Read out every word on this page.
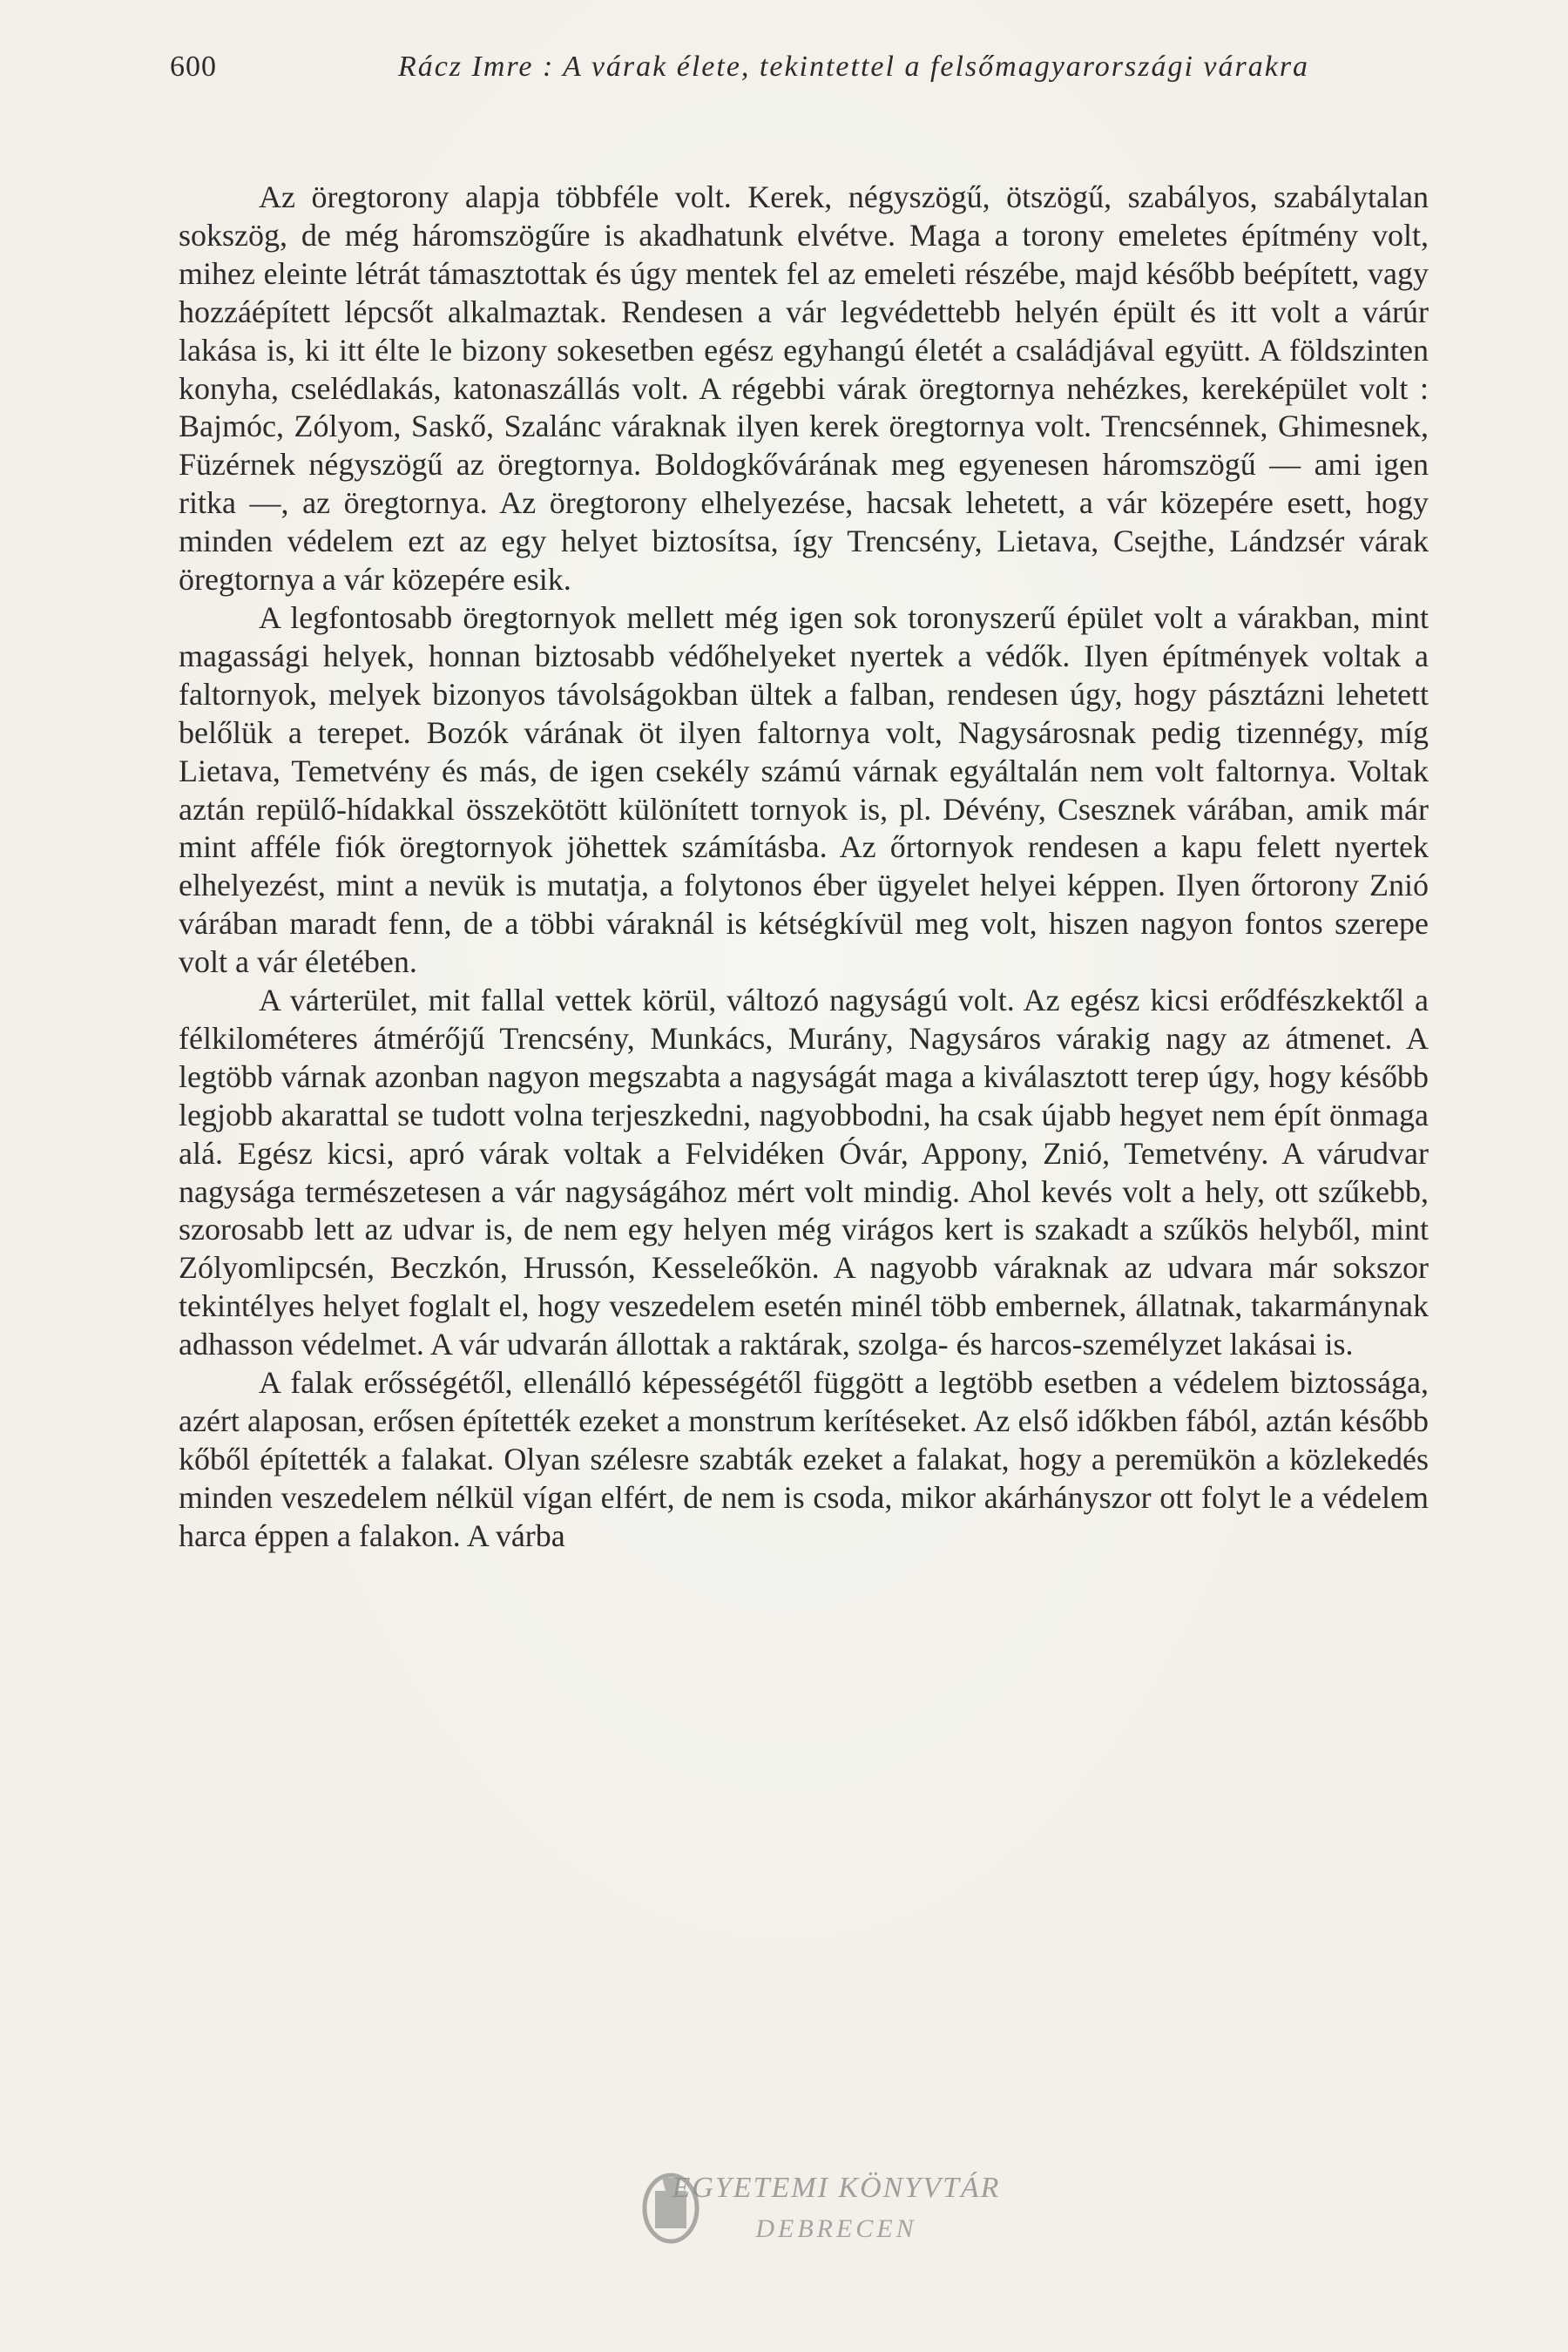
600	Rácz Imre : A várak élete, tekintettel a felsőmagyarországi várakra

Az öregtorony alapja többféle volt. Kerek, négyszögű, ötszögű, szabályos, szabálytalan sokszög, de még háromszögűre is akadhatunk elvétve. Maga a torony emeletes építmény volt, mihez eleinte létrát támasztottak és úgy mentek fel az emeleti részébe, majd később beépített, vagy hozzáépített lépcsőt alkalmaztak. Rendesen a vár legvédettebb helyén épült és itt volt a várúr lakása is, ki itt élte le bizony sokesetben egész egyhangú életét a családjával együtt. A földszinten konyha, cselédlakás, katonaszállás volt. A régebbi várak öregtornya nehézkes, kereképület volt : Bajmóc, Zólyom, Saskő, Szalánc váraknak ilyen kerek öregtornya volt. Trencsénnek, Ghimesnek, Füzérnek négyszögű az öregtornya. Boldogkővárának meg egyenesen háromszögű — ami igen ritka —, az öregtornya. Az öregtorony elhelyezése, hacsak lehetett, a vár közepére esett, hogy minden védelem ezt az egy helyet biztosítsa, így Trencsény, Lietava, Csejthe, Lándzsér várak öregtornya a vár közepére esik.

A legfontosabb öregtornyok mellett még igen sok toronyszerű épület volt a várakban, mint magassági helyek, honnan biztosabb védőhelyeket nyertek a védők. Ilyen építmények voltak a faltornyok, melyek bizonyos távolságokban ültek a falban, rendesen úgy, hogy pásztázni lehetett belőlük a terepet. Bozók várának öt ilyen faltornya volt, Nagysárosnak pedig tizennégy, míg Lietava, Temetvény és más, de igen csekély számú várnak egyáltalán nem volt faltornya. Voltak aztán repülő-hídakkal összekötött különített tornyok is, pl. Dévény, Csesznek várában, amik már mint afféle fiók öregtornyok jöhettek számításba. Az őrtornyok rendesen a kapu felett nyertek elhelyezést, mint a nevük is mutatja, a folytonos éber ügyelet helyei képpen. Ilyen őrtorony Znió várában maradt fenn, de a többi váraknál is kétségkívül meg volt, hiszen nagyon fontos szerepe volt a vár életében.

A várterület, mit fallal vettek körül, változó nagyságú volt. Az egész kicsi erődfészkektől a félkilométeres átmérőjű Trencsény, Munkács, Murány, Nagysáros várakig nagy az átmenet. A legtöbb várnak azonban nagyon megszabta a nagyságát maga a kiválasztott terep úgy, hogy később legjobb akarattal se tudott volna terjeszkedni, nagyobbodni, ha csak újabb hegyet nem épít önmaga alá. Egész kicsi, apró várak voltak a Felvidéken Óvár, Appony, Znió, Temetvény. A várudvar nagysága természetesen a vár nagyságához mért volt mindig. Ahol kevés volt a hely, ott szűkebb, szorosabb lett az udvar is, de nem egy helyen még virágos kert is szakadt a szűkös helyből, mint Zólyomlipcsén, Beczkón, Hrussón, Kesseleőkön. A nagyobb váraknak az udvara már sokszor tekintélyes helyet foglalt el, hogy veszedelem esetén minél több embernek, állatnak, takarmánynak adhasson védelmet. A vár udvarán állottak a raktárak, szolga- és harcos-személyzet lakásai is.

A falak erősségétől, ellenálló képességétől függött a legtöbb esetben a védelem biztossága, azért alaposan, erősen építették ezeket a monstrum kerítéseket. Az első időkben fából, aztán később kőből építették a falakat. Olyan szélesre szabták ezeket a falakat, hogy a peremükön a közlekedés minden veszedelem nélkül vígan elfért, de nem is csoda, mikor akárhányszor ott folyt le a védelem harca éppen a falakon. A várba

EGYETEMI KÖNYVTÁR
DEBRECEN
